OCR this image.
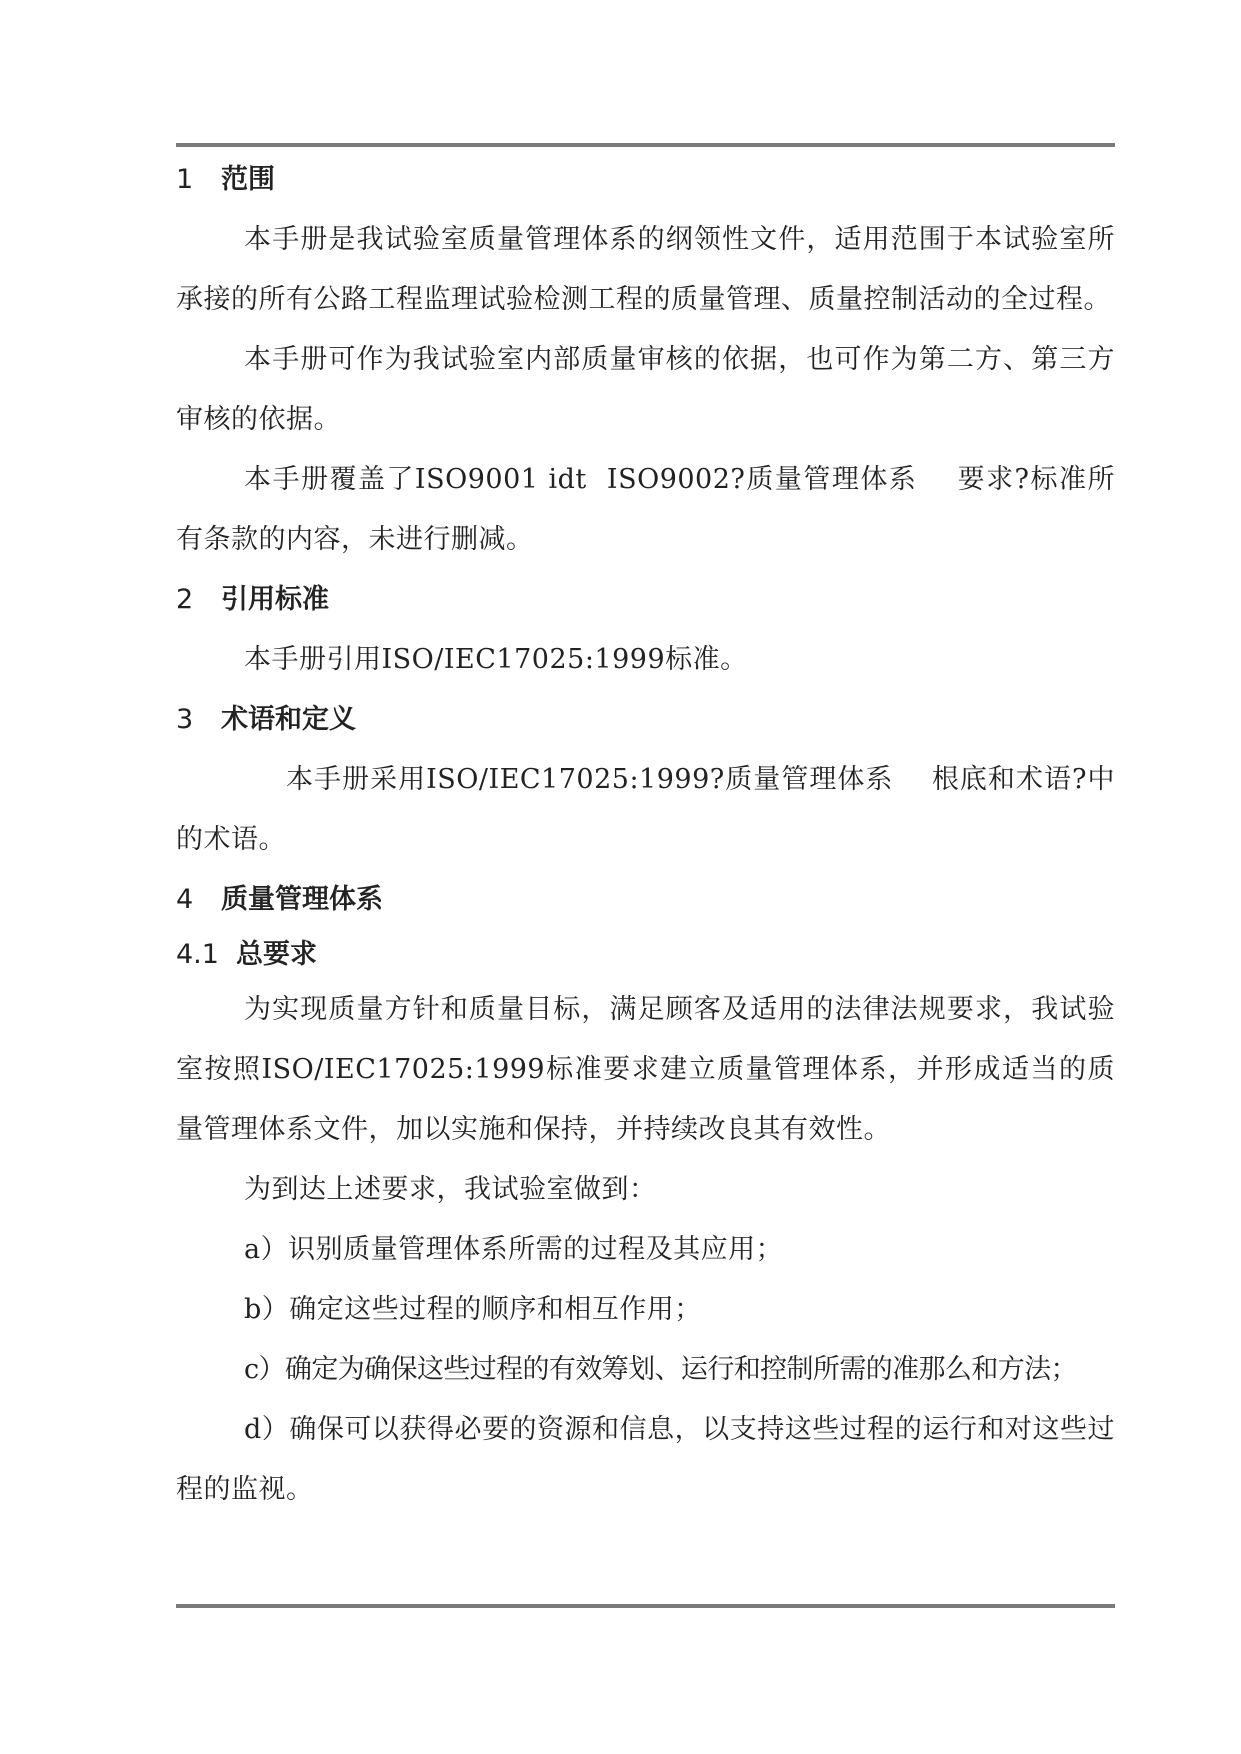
1 范围
本手册是我试验室质量管理体系的纲领性文件，适用范围于本试验室所承接的所有公路工程监理试验检测工程的质量管理、质量控制活动的全过程。
本手册可作为我试验室内部质量审核的依据，也可作为第二方、第三方审核的依据。
本手册覆盖了ISO9001 idt  ISO9002?质量管理体系    要求?标准所有条款的内容，未进行删减。
2 引用标准
本手册引用ISO/IEC17025:1999标准。
3 术语和定义
本手册采用ISO/IEC17025:1999?质量管理体系    根底和术语?中的术语。
4 质量管理体系
4.1 总要求
为实现质量方针和质量目标，满足顾客及适用的法律法规要求，我试验室按照ISO/IEC17025:1999标准要求建立质量管理体系，并形成适当的质量管理体系文件，加以实施和保持，并持续改良其有效性。
为到达上述要求，我试验室做到：
a）识别质量管理体系所需的过程及其应用；
b）确定这些过程的顺序和相互作用；
c）确定为确保这些过程的有效筹划、运行和控制所需的准那么和方法；
d）确保可以获得必要的资源和信息，以支持这些过程的运行和对这些过程的监视。
